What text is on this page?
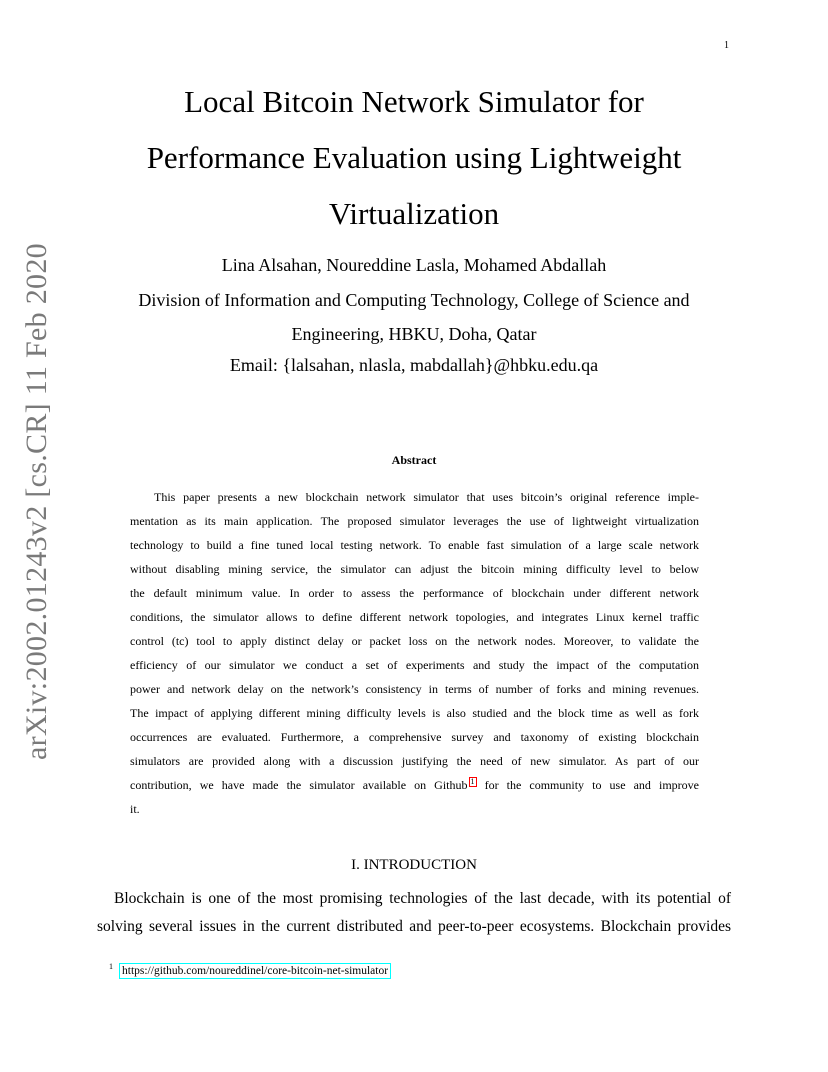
1
arXiv:2002.01243v2 [cs.CR] 11 Feb 2020
Local Bitcoin Network Simulator for
Performance Evaluation using Lightweight
Virtualization
Lina Alsahan, Noureddine Lasla, Mohamed Abdallah
Division of Information and Computing Technology, College of Science and
Engineering, HBKU, Doha, Qatar
Email: {lalsahan, nlasla, mabdallah}@hbku.edu.qa
Abstract
This paper presents a new blockchain network simulator that uses bitcoin’s original reference imple-
mentation as its main application. The proposed simulator leverages the use of lightweight virtualization
technology to build a fine tuned local testing network. To enable fast simulation of a large scale network
without disabling mining service, the simulator can adjust the bitcoin mining difficulty level to below
the default minimum value. In order to assess the performance of blockchain under different network
conditions, the simulator allows to define different network topologies, and integrates Linux kernel traffic
control (tc) tool to apply distinct delay or packet loss on the network nodes. Moreover, to validate the
efficiency of our simulator we conduct a set of experiments and study the impact of the computation
power and network delay on the network’s consistency in terms of number of forks and mining revenues.
The impact of applying different mining difficulty levels is also studied and the block time as well as fork
occurrences are evaluated. Furthermore, a comprehensive survey and taxonomy of existing blockchain
simulators are provided along with a discussion justifying the need of new simulator. As part of our
contribution, we have made the simulator available on Github 1 for the community to use and improve
it.
I. INTRODUCTION
Blockchain is one of the most promising technologies of the last decade, with its potential of
solving several issues in the current distributed and peer-to-peer ecosystems. Blockchain provides
$^1$ https://github.com/noureddinel/core-bitcoin-net-simulator
